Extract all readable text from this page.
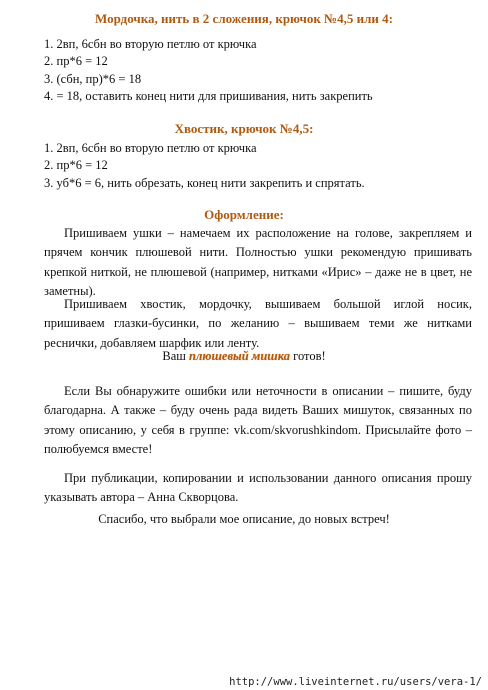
Мордочка, нить в 2 сложения, крючок №4,5 или 4:
1. 2вп, 6сбн во вторую петлю от крючка
2. пр*6 = 12
3. (сбн, пр)*6 = 18
4. = 18, оставить конец нити для пришивания, нить закрепить
Хвостик, крючок №4,5:
1. 2вп, 6сбн во вторую петлю от крючка
2. пр*6 = 12
3. уб*6 = 6, нить обрезать, конец нити закрепить и спрятать.
Оформление:
Пришиваем ушки – намечаем их расположение на голове, закрепляем и прячем кончик плюшевой нити. Полностью ушки рекомендую пришивать крепкой ниткой, не плюшевой (например, нитками «Ирис» – даже не в цвет, не заметны).
Пришиваем хвостик, мордочку, вышиваем большой иглой носик, пришиваем глазки-бусинки, по желанию – вышиваем теми же нитками реснички, добавляем шарфик или ленту.
Ваш плюшевый мишка готов!
Если Вы обнаружите ошибки или неточности в описании – пишите, буду благодарна. А также – буду очень рада видеть Ваших мишуток, связанных по этому описанию, у себя в группе: vk.com/skvorushkindom. Присылайте фото – полюбуемся вместе!
При публикации, копировании и использовании данного описания прошу указывать автора – Анна Скворцова.
Спасибо, что выбрали мое описание, до новых встреч!
http://www.liveinternet.ru/users/vera-1/
